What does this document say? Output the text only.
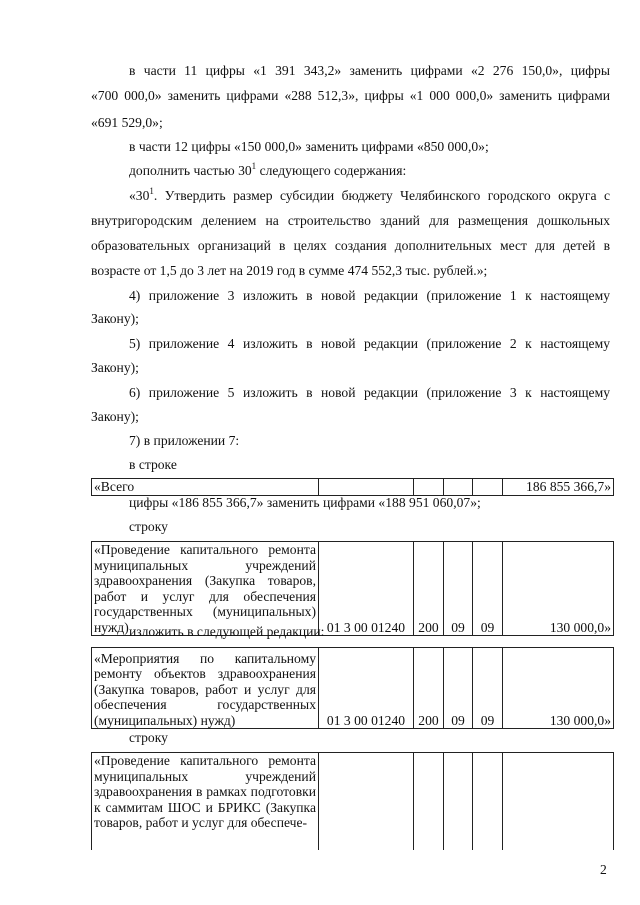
в части 11 цифры «1 391 343,2» заменить цифрами «2 276 150,0», цифры
«700 000,0» заменить цифрами «288 512,3», цифры «1 000 000,0» заменить цифрами
«691 529,0»;
в части 12 цифры «150 000,0» заменить цифрами «850 000,0»;
дополнить частью $30^1$ следующего содержания:
«$30^1$. Утвердить размер субсидии бюджету Челябинского городского округа с
внутригородским делением на строительство зданий для размещения дошкольных
образовательных организаций в целях создания дополнительных мест для детей в
возрасте от 1,5 до 3 лет на 2019 год в сумме 474 552,3 тыс. рублей.»;
4) приложение 3 изложить в новой редакции (приложение 1 к настоящему
Закону);
5) приложение 4 изложить в новой редакции (приложение 2 к настоящему
Закону);
6) приложение 5 изложить в новой редакции (приложение 3 к настоящему
Закону);
7) в приложении 7:
в строке
«Всего					186 855 366,7»
цифры «186 855 366,7» заменить цифрами «188 951 060,07»;
строку
«Проведение капитального ремонта муниципальных учреждений здравоохранения (Закупка товаров, работ и услуг для обеспечения государственных (муниципальных) нужд)	01 3 00 01240	200	09	09	130 000,0»
изложить в следующей редакции:
«Мероприятия по капитальному ремонту объектов здравоохранения (Закупка товаров, работ и услуг для обеспечения государственных (муниципальных) нужд)	01 3 00 01240	200	09	09	130 000,0»
строку
«Проведение капитального ремонта муниципальных учреждений здравоохранения в рамках подготовки к саммитам ШОС и БРИКС (Закупка товаров, работ и услуг для обеспече-					
2
